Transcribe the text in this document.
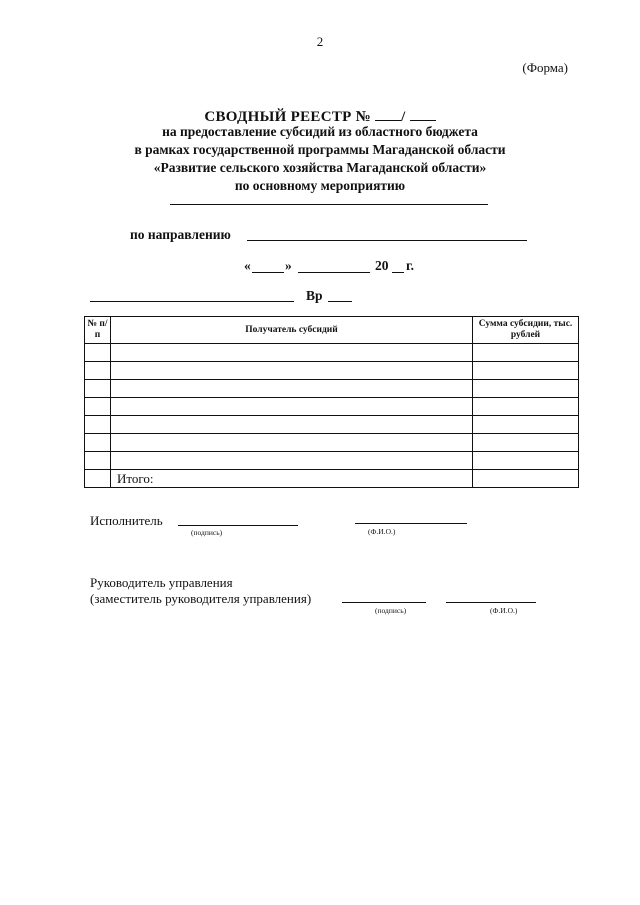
2
(Форма)
СВОДНЫЙ РЕЕСТР № /
на предоставление субсидий из областного бюджета
в рамках государственной программы Магаданской области
«Развитие сельского хозяйства Магаданской области»
по основному мероприятию
по направлению
«	»	20 г.
Вр
№ п/п	Получатель субсидий	Сумма субсидии, тыс. рублей

	Итого:	
Исполнитель
(подпись)	(Ф.И.О.)
Руководитель управления
(заместитель руководителя управления)
(подпись)	(Ф.И.О.)
